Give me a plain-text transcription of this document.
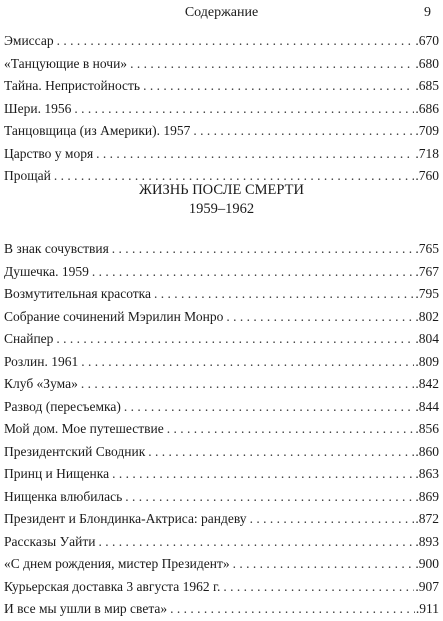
Содержание	9
Эмиссар . . .	.670
«Танцующие в ночи» . . .	.680
Тайна. Непристойность . . .	.685
Шери. 1956 . . .	.686
Танцовщица (из Америки). 1957 . . .	.709
Царство у моря . . .	.718
Прощай . . .	.760
ЖИЗНЬ ПОСЛЕ СМЕРТИ
1959–1962
В знак сочувствия . . .	.765
Душечка. 1959 . . .	.767
Возмутительная красотка . . .	.795
Собрание сочинений Мэрилин Монро . . .	.802
Снайпер . . .	.804
Розлин. 1961 . . .	.809
Клуб «Зума» . . .	.842
Развод (пересъемка) . . .	.844
Мой дом. Мое путешествие . . .	.856
Президентский Сводник . . .	.860
Принц и Нищенка . . .	.863
Нищенка влюбилась . . .	.869
Президент и Блондинка-Актриса: рандеву . . .	.872
Рассказы Уайти . . .	.893
«С днем рождения, мистер Президент» . . .	.900
Курьерская доставка 3 августа 1962 г. . . .	.907
И все мы ушли в мир света» . . .	.911
